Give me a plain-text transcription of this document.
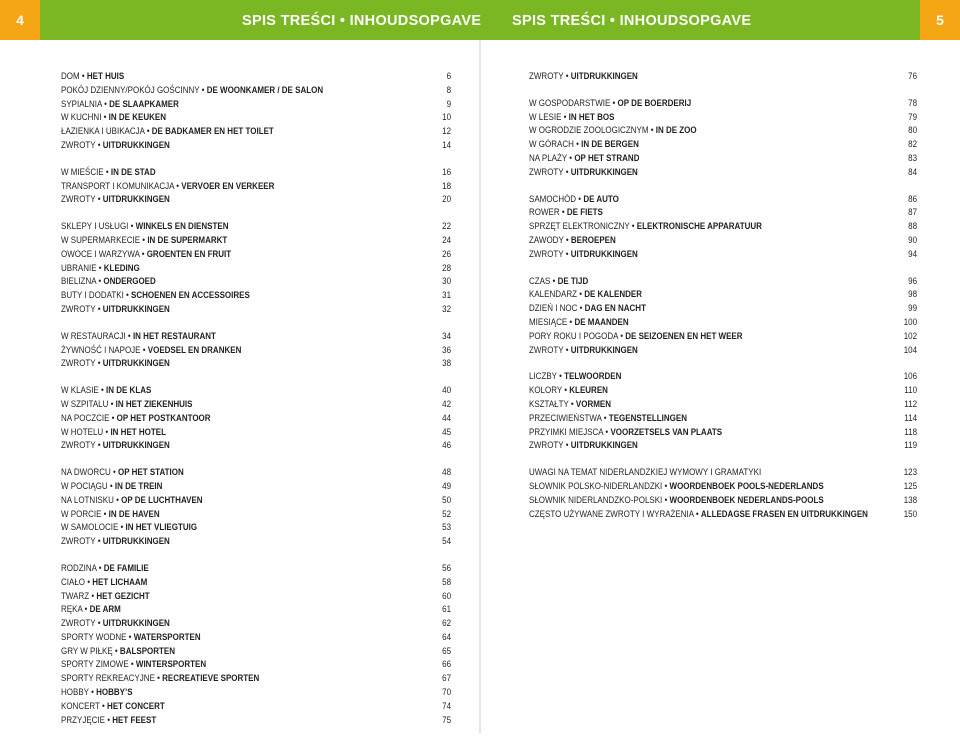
4	SPIS TREŚCI • INHOUDSOPGAVE SPIS TREŚCI • INHOUDSOPGAVE	5
DOM • HET HUIS	6
POKÓJ DZIENNY/POKÓJ GOŚCINNY • DE WOONKAMER / DE SALON	8
SYPIALNIA • DE SLAAPKAMER	9
W KUCHNI • IN DE KEUKEN	10
ŁAZIENKA I UBIKACJA • DE BADKAMER EN HET TOILET	12
ZWROTY • UITDRUKKINGEN	14
W MIEŚCIE • IN DE STAD	16
TRANSPORT I KOMUNIKACJA • VERVOER EN VERKEER	18
ZWROTY • UITDRUKKINGEN	20
SKLEPY I USŁUGI • WINKELS EN DIENSTEN	22
W SUPERMARKECIE • IN DE SUPERMARKT	24
OWOCE I WARZYWA • GROENTEN EN FRUIT	26
UBRANIE • KLEDING	28
BIELIZNA • ONDERGOED	30
BUTY I DODATKI • SCHOENEN EN ACCESSOIRES	31
ZWROTY • UITDRUKKINGEN	32
W RESTAURACJI • IN HET RESTAURANT	34
ŻYWNOŚĆ I NAPOJE • VOEDSEL EN DRANKEN	36
ZWROTY • UITDRUKKINGEN	38
W KLASIE • IN DE KLAS	40
W SZPITALU • IN HET ZIEKENHUIS	42
NA POCZCIE • OP HET POSTKANTOOR	44
W HOTELU • IN HET HOTEL	45
ZWROTY • UITDRUKKINGEN	46
NA DWORCU • OP HET STATION	48
W POCIĄGU • IN DE TREIN	49
NA LOTNISKU • OP DE LUCHTHAVEN	50
W PORCIE • IN DE HAVEN	52
W SAMOLOCIE • IN HET VLIEGTUIG	53
ZWROTY • UITDRUKKINGEN	54
RODZINA • DE FAMILIE	56
CIAŁO • HET LICHAAM	58
TWARZ • HET GEZICHT	60
RĘKA • DE ARM	61
ZWROTY • UITDRUKKINGEN	62
SPORTY WODNE • WATERSPORTEN	64
GRY W PIŁKĘ • BALSPORTEN	65
SPORTY ZIMOWE • WINTERSPORTEN	66
SPORTY REKREACYJNE • RECREATIEVE SPORTEN	67
HOBBY • HOBBY’S	70
KONCERT • HET CONCERT	74
PRZYJĘCIE • HET FEEST	75
ZWROTY • UITDRUKKINGEN	76
W GOSPODARSTWIE • OP DE BOERDERIJ	78
W LESIE • IN HET BOS	79
W OGRODZIE ZOOLOGICZNYM • IN DE ZOO	80
W GÓRACH • IN DE BERGEN	82
NA PLAŻY • OP HET STRAND	83
ZWROTY • UITDRUKKINGEN	84
SAMOCHÓD • DE AUTO	86
ROWER • DE FIETS	87
SPRZĘT ELEKTRONICZNY • ELEKTRONISCHE APPARATUUR	88
ZAWODY • BEROEPEN	90
ZWROTY • UITDRUKKINGEN	94
CZAS • DE TIJD	96
KALENDARZ • DE KALENDER	98
DZIEŃ I NOC • DAG EN NACHT	99
MIESIĄCE • DE MAANDEN	100
PORY ROKU I POGODA • DE SEIZOENEN EN HET WEER	102
ZWROTY • UITDRUKKINGEN	104
LICZBY • TELWOORDEN	106
KOLORY • KLEUREN	110
KSZTAŁTY • VORMEN	112
PRZECIWIEŃSTWA • TEGENSTELLINGEN	114
PRZYIMKI MIEJSCA • VOORZETSELS VAN PLAATS	118
ZWROTY • UITDRUKKINGEN	119
UWAGI NA TEMAT NIDERLANDZKIEJ WYMOWY I GRAMATYKI	123
SŁOWNIK POLSKO-NIDERLANDZKI • WOORDENBOEK POOLS-NEDERLANDS	125
SŁOWNIK NIDERLANDZKO-POLSKI • WOORDENBOEK NEDERLANDS-POOLS	138
CZĘSTO UŻYWANE ZWROTY I WYRAŻENIA • ALLEDAGSE FRASEN EN UITDRUKKINGEN	150
